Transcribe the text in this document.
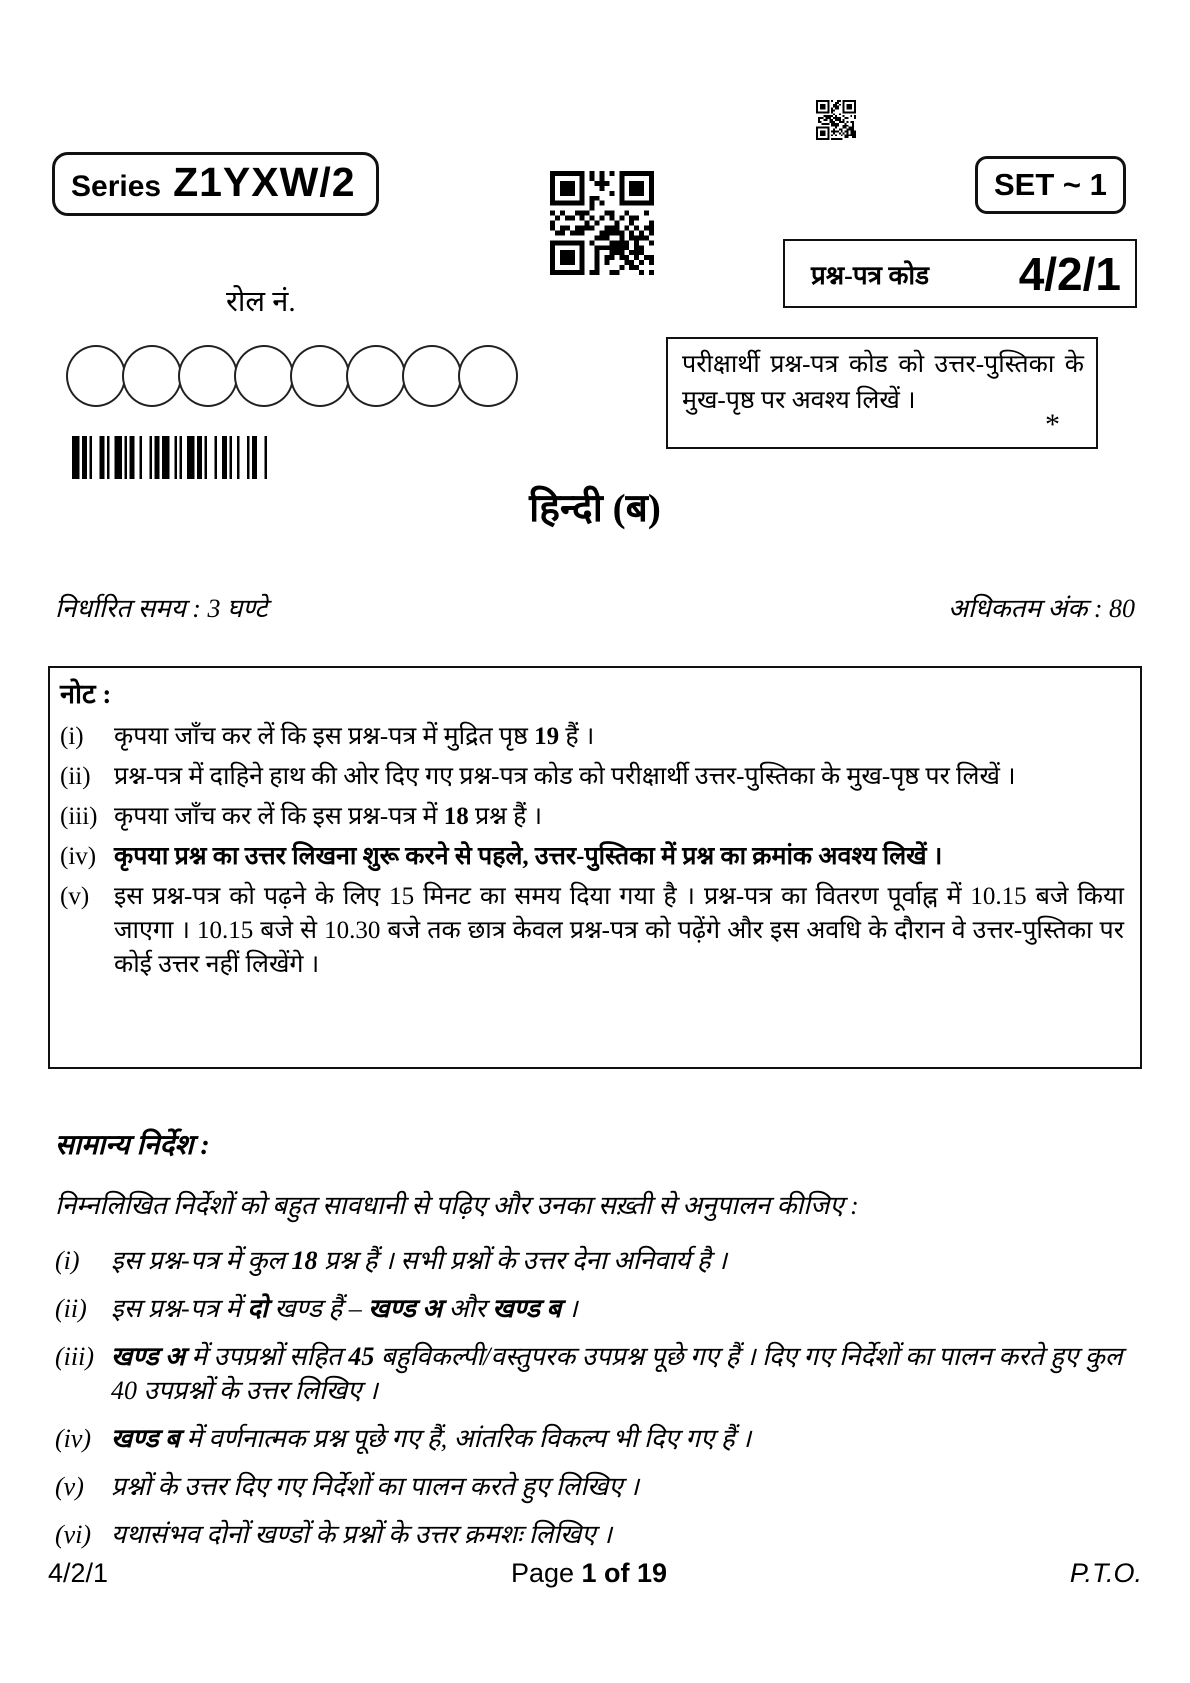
Series Z1YXW/2	SET ~ 1
प्रश्न-पत्र कोड 4/2/1
रोल नं.
परीक्षार्थी प्रश्न-पत्र कोड को उत्तर-पुस्तिका के मुख-पृष्ठ पर अवश्य लिखें ।
*
हिन्दी (ब)
निर्धारित समय : 3 घण्टे	अधिकतम अंक : 80
नोट :
(i)	कृपया जाँच कर लें कि इस प्रश्न-पत्र में मुद्रित पृष्ठ 19 हैं ।
(ii) प्रश्न-पत्र में दाहिने हाथ की ओर दिए गए प्रश्न-पत्र कोड को परीक्षार्थी उत्तर-पुस्तिका के मुख-पृष्ठ पर लिखें ।
(iii) कृपया जाँच कर लें कि इस प्रश्न-पत्र में 18 प्रश्न हैं ।
(iv) कृपया प्रश्न का उत्तर लिखना शुरू करने से पहले, उत्तर-पुस्तिका में प्रश्न का क्रमांक अवश्य लिखें ।
(v) इस प्रश्न-पत्र को पढ़ने के लिए 15 मिनट का समय दिया गया है । प्रश्न-पत्र का वितरण पूर्वाह्न में 10.15 बजे किया जाएगा । 10.15 बजे से 10.30 बजे तक छात्र केवल प्रश्न-पत्र को पढ़ेंगे और इस अवधि के दौरान वे उत्तर-पुस्तिका पर कोई उत्तर नहीं लिखेंगे ।
सामान्य निर्देश :
निम्नलिखित निर्देशों को बहुत सावधानी से पढ़िए और उनका सख़्ती से अनुपालन कीजिए :
(i)	इस प्रश्न-पत्र में कुल 18 प्रश्न हैं । सभी प्रश्नों के उत्तर देना अनिवार्य है ।
(ii) इस प्रश्न-पत्र में दो खण्ड हैं – खण्ड अ और खण्ड ब ।
(iii) खण्ड अ में उपप्रश्नों सहित 45 बहुविकल्पी/वस्तुपरक उपप्रश्न पूछे गए हैं । दिए गए निर्देशों का पालन करते हुए कुल 40 उपप्रश्नों के उत्तर लिखिए ।
(iv) खण्ड ब में वर्णनात्मक प्रश्न पूछे गए हैं, आंतरिक विकल्प भी दिए गए हैं ।
(v)	प्रश्नों के उत्तर दिए गए निर्देशों का पालन करते हुए लिखिए ।
(vi) यथासंभव दोनों खण्डों के प्रश्नों के उत्तर क्रमशः लिखिए ।
4/2/1	Page 1 of 19	P.T.O.
